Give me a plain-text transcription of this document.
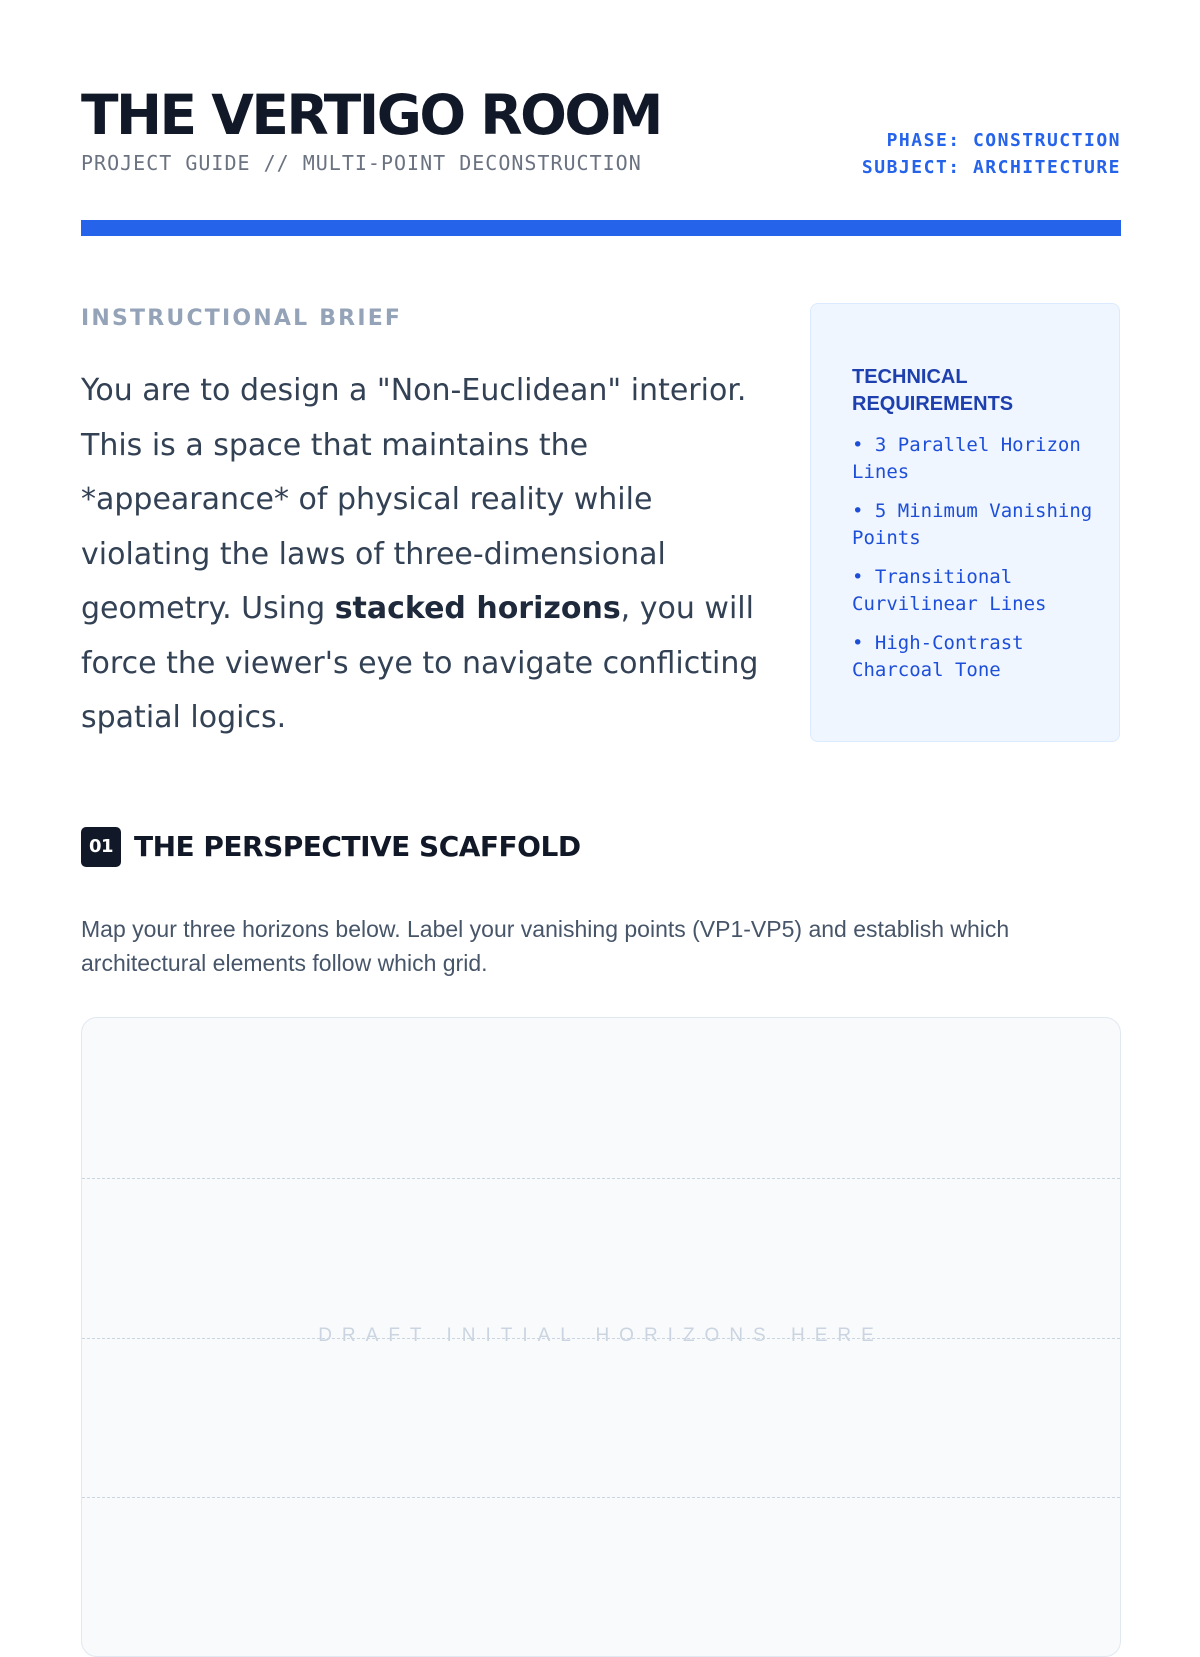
THE VERTIGO ROOM
PROJECT GUIDE // MULTI-POINT DECONSTRUCTION
PHASE: CONSTRUCTION
SUBJECT: ARCHITECTURE
INSTRUCTIONAL BRIEF

You are to design a "Non-Euclidean" interior. This is a space that maintains the *appearance* of physical reality while violating the laws of three-dimensional geometry. Using stacked horizons, you will force the viewer's eye to navigate conflicting spatial logics.

TECHNICAL REQUIREMENTS
• 3 Parallel Horizon Lines
• 5 Minimum Vanishing Points
• Transitional Curvilinear Lines
• High-Contrast Charcoal Tone
01 THE PERSPECTIVE SCAFFOLD

Map your three horizons below. Label your vanishing points (VP1-VP5) and establish which architectural elements follow which grid.

DRAFT INITIAL HORIZONS HERE
